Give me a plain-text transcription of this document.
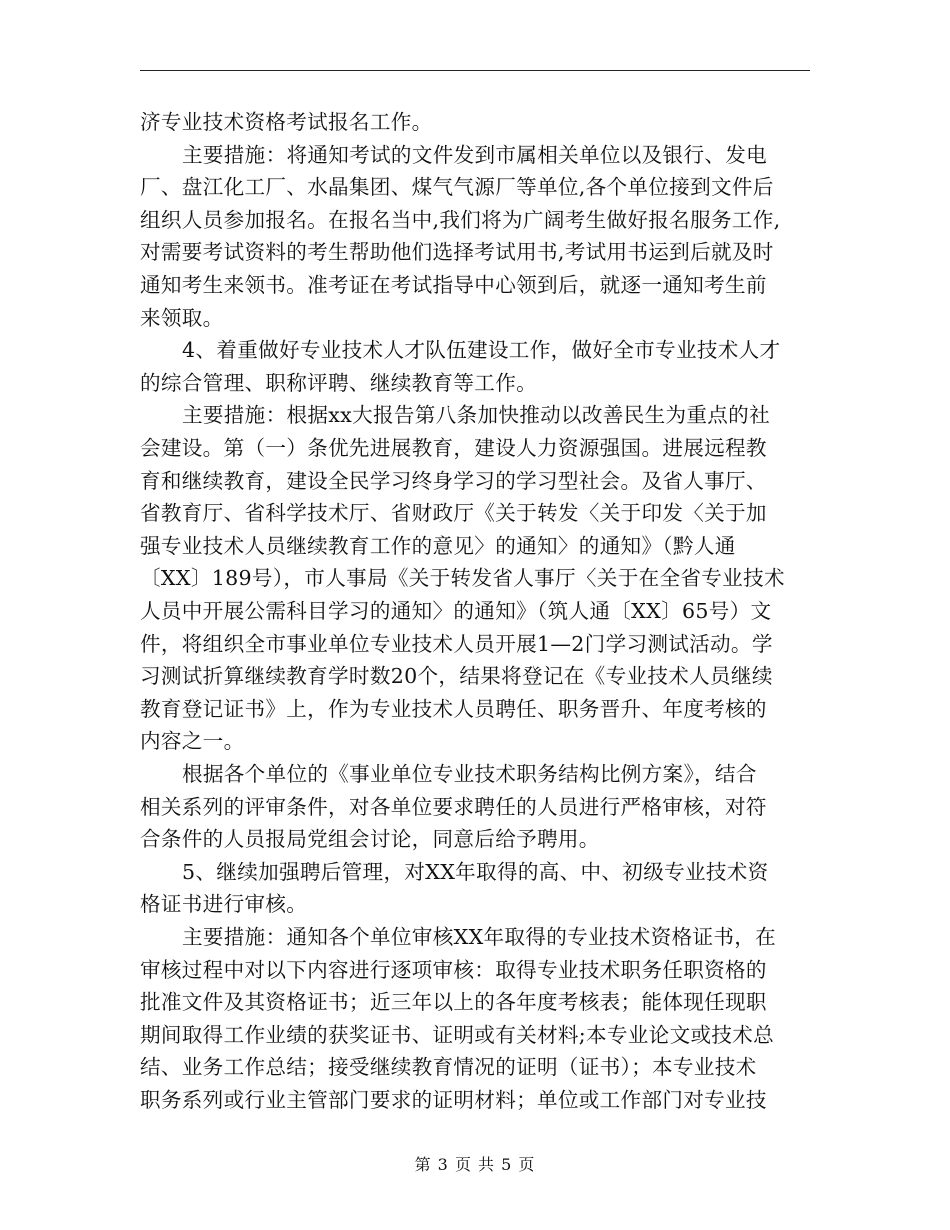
济专业技术资格考试报名工作。
主要措施：将通知考试的文件发到市属相关单位以及银行、发电
厂、盘江化工厂、水晶集团、煤气气源厂等单位,各个单位接到文件后
组织人员参加报名。在报名当中,我们将为广阔考生做好报名服务工作,
对需要考试资料的考生帮助他们选择考试用书,考试用书运到后就及时
通知考生来领书。准考证在考试指导中心领到后，就逐一通知考生前
来领取。
4、着重做好专业技术人才队伍建设工作，做好全市专业技术人才
的综合管理、职称评聘、继续教育等工作。
主要措施：根据xx大报告第八条加快推动以改善民生为重点的社
会建设。第（一）条优先进展教育，建设人力资源强国。进展远程教
育和继续教育，建设全民学习终身学习的学习型社会。及省人事厅、
省教育厅、省科学技术厅、省财政厅《关于转发〈关于印发〈关于加
强专业技术人员继续教育工作的意见〉的通知〉的通知》（黔人通
〔XX〕189号），市人事局《关于转发省人事厅〈关于在全省专业技术
人员中开展公需科目学习的通知〉的通知》（筑人通〔XX〕65号）文
件，将组织全市事业单位专业技术人员开展1—2门学习测试活动。学
习测试折算继续教育学时数20个，结果将登记在《专业技术人员继续
教育登记证书》上，作为专业技术人员聘任、职务晋升、年度考核的
内容之一。
根据各个单位的《事业单位专业技术职务结构比例方案》，结合
相关系列的评审条件，对各单位要求聘任的人员进行严格审核，对符
合条件的人员报局党组会讨论，同意后给予聘用。
5、继续加强聘后管理，对XX年取得的高、中、初级专业技术资
格证书进行审核。
主要措施：通知各个单位审核XX年取得的专业技术资格证书，在
审核过程中对以下内容进行逐项审核：取得专业技术职务任职资格的
批准文件及其资格证书；近三年以上的各年度考核表；能体现任现职
期间取得工作业绩的获奖证书、证明或有关材料;本专业论文或技术总
结、业务工作总结；接受继续教育情况的证明（证书）；本专业技术
职务系列或行业主管部门要求的证明材料；单位或工作部门对专业技
第 3 页 共 5 页
